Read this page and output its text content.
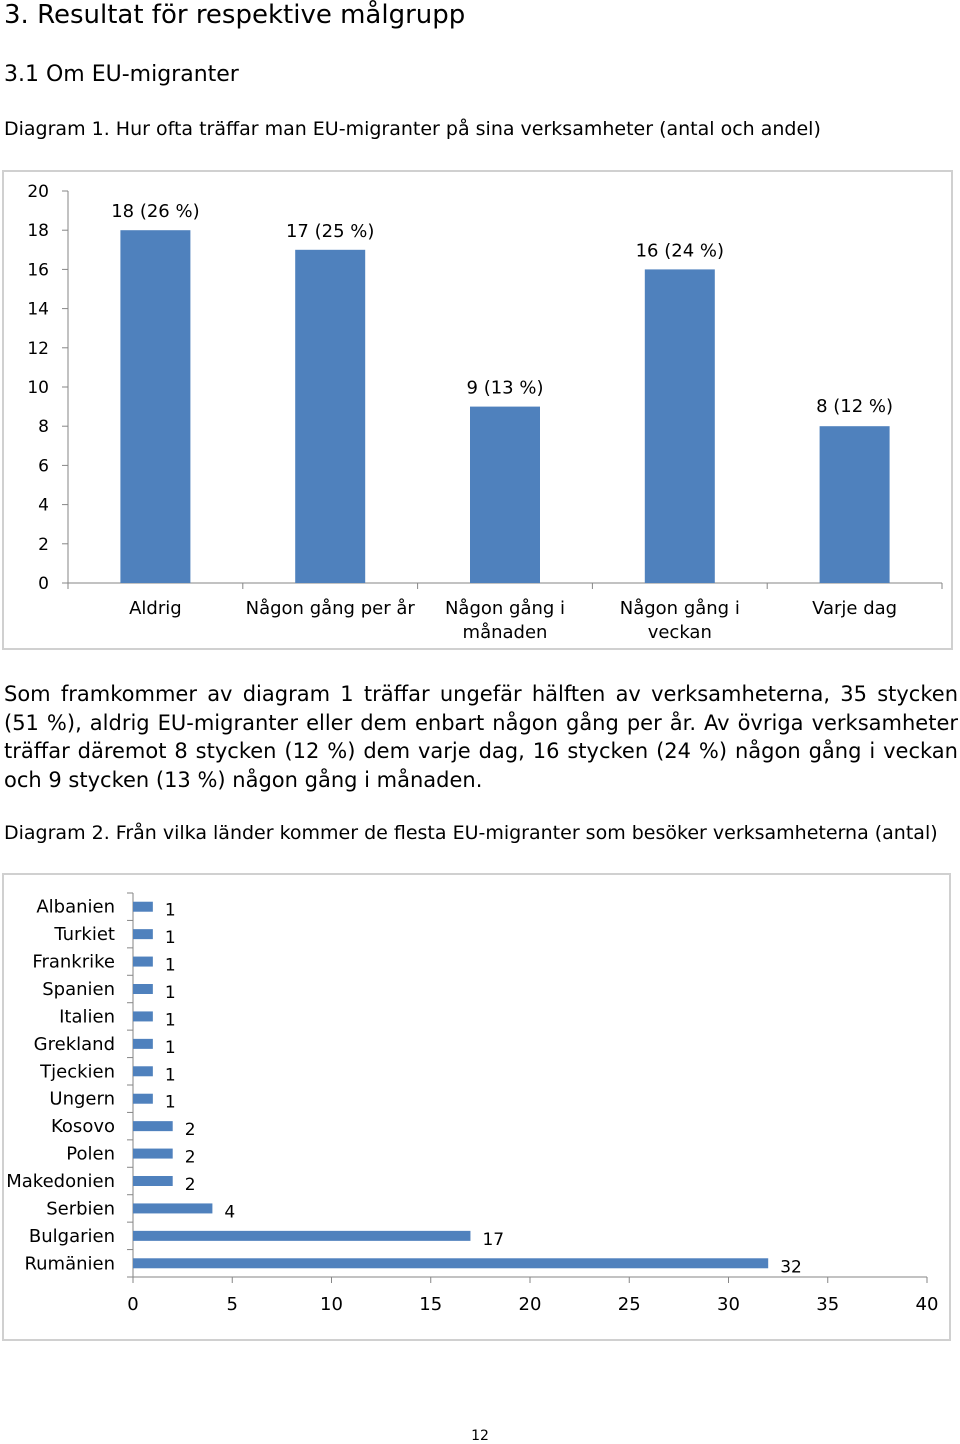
3. Resultat för respektive målgrupp
3.1 Om EU-migranter
Diagram 1. Hur ofta träffar man EU-migranter på sina verksamheter (antal och andel)
0
2
4
6
8
10
12
14
16
18
20
18 (26 %)
Aldrig
17 (25 %)
Någon gång per år
9 (13 %)
Någon gång i
månaden
16 (24 %)
Någon gång i
veckan
8 (12 %)
Varje dag
Som framkommer av diagram 1 träffar ungefär hälften av verksamheterna, 35 stycken (51 %), aldrig EU-migranter eller dem enbart någon gång per år. Av övriga verksamheter träffar däremot 8 stycken (12 %) dem varje dag, 16 stycken (24 %) någon gång i veckan och 9 stycken (13 %) någon gång i månaden.
Diagram 2. Från vilka länder kommer de flesta EU-migranter som besöker verksamheterna (antal)
0	5	10	15	20	25	30	35	40
Albanien	1
Turkiet	1
Frankrike	1
Spanien	1
Italien	1
Grekland	1
Tjeckien	1
Ungern	1
Kosovo	2
Polen	2
Makedonien	2
Serbien	4
Bulgarien	17
Rumänien	32
12
